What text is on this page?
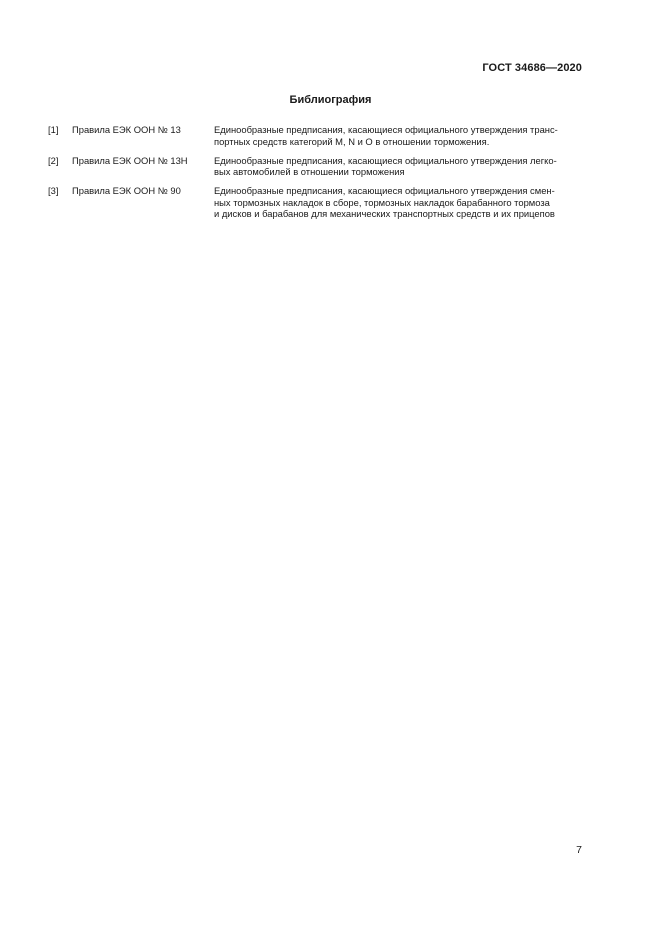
ГОСТ 34686—2020
Библиография
[1]	Правила ЕЭК ООН № 13	Единообразные предписания, касающиеся официального утверждения транс-
портных средств категорий M, N и O в отношении торможения.
[2]	Правила ЕЭК ООН № 13Н	Единообразные предписания, касающиеся официального утверждения легко-
вых автомобилей в отношении торможения
[3]	Правила ЕЭК ООН № 90	Единообразные предписания, касающиеся официального утверждения смен-
ных тормозных накладок в сборе, тормозных накладок барабанного тормоза
и дисков и барабанов для механических транспортных средств и их прицепов
7
